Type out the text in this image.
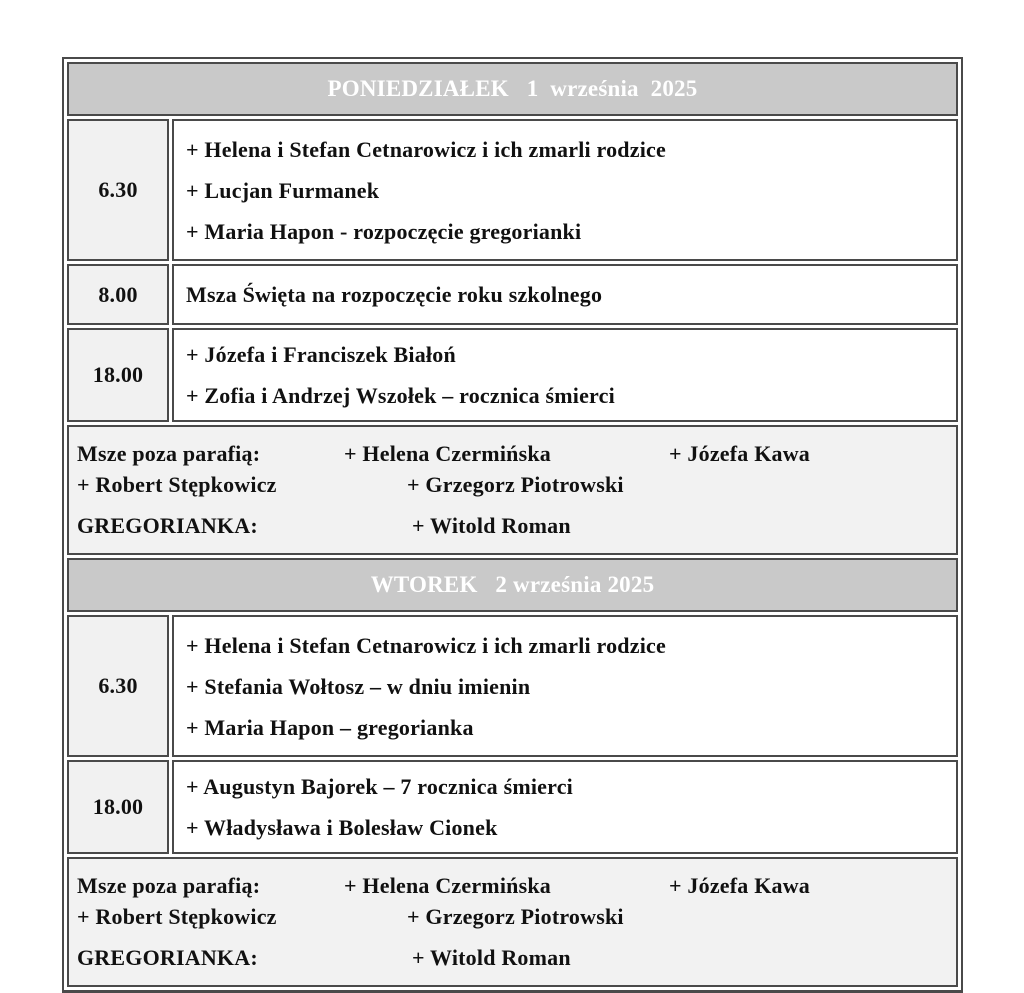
PONIEDZIAŁEK   1  września  2025	
6.30	+ Helena i Stefan Cetnarowicz i ich zmarli rodzice

+ Lucjan Furmanek

+ Maria Hapon - rozpoczęcie gregorianki

8.00	Msza Święta na rozpoczęcie roku szkolnego

18.00	+ Józefa i Franciszek Białoń

+ Zofia i Andrzej Wszołek – rocznica śmierci

Msze poza parafią: + Helena Czermińska + Józefa Kawa

+ Robert Stępkowicz + Grzegorz Piotrowski

GREGORIANKA: + Witold Roman	

WTOREK   2 września 2025	
6.30	+ Helena i Stefan Cetnarowicz i ich zmarli rodzice

+ Stefania Wołtosz – w dniu imienin

+ Maria Hapon – gregorianka

18.00	+ Augustyn Bajorek – 7 rocznica śmierci

+ Władysława i Bolesław Cionek

Msze poza parafią: + Helena Czermińska + Józefa Kawa

+ Robert Stępkowicz + Grzegorz Piotrowski

GREGORIANKA: + Witold Roman	
